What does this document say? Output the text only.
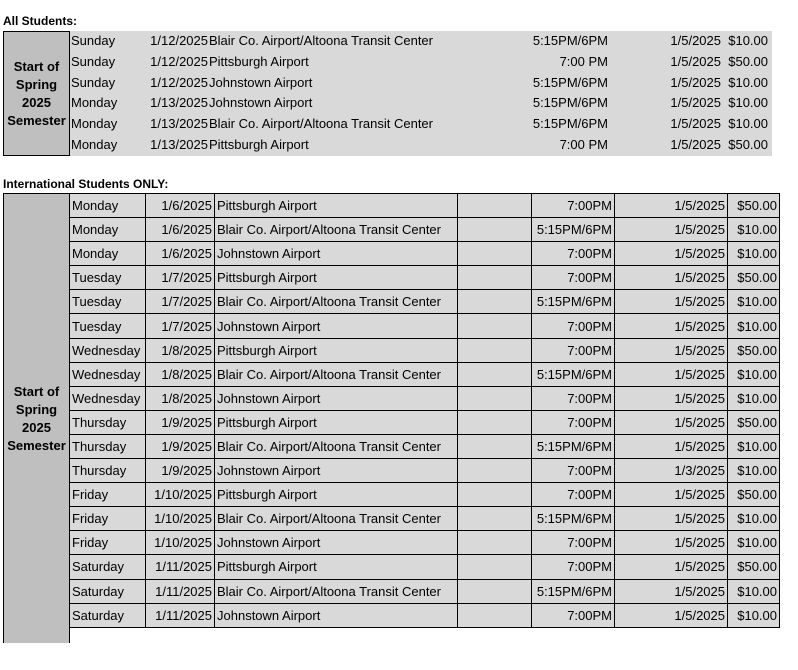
All Students:
Start of
Spring
2025
Semester
Sunday	1/12/2025 Blair Co. Airport/Altoona Transit Center	5:15PM/6PM	1/5/2025 $10.00
Sunday	1/12/2025 Pittsburgh Airport	7:00 PM	1/5/2025 $50.00
Sunday	1/12/2025 Johnstown Airport	5:15PM/6PM	1/5/2025 $10.00
Monday	1/13/2025 Johnstown Airport	5:15PM/6PM	1/5/2025 $10.00
Monday	1/13/2025 Blair Co. Airport/Altoona Transit Center	5:15PM/6PM	1/5/2025 $10.00
Monday	1/13/2025 Pittsburgh Airport	7:00 PM	1/5/2025 $50.00
International Students ONLY:
Start of
Spring
2025
Semester
Monday	1/6/2025	Pittsburgh Airport		7:00PM	1/5/2025	$50.00
Monday	1/6/2025	Blair Co. Airport/Altoona Transit Center		5:15PM/6PM	1/5/2025	$10.00
Monday	1/6/2025	Johnstown Airport		7:00PM	1/5/2025	$10.00
Tuesday	1/7/2025	Pittsburgh Airport		7:00PM	1/5/2025	$50.00
Tuesday	1/7/2025	Blair Co. Airport/Altoona Transit Center		5:15PM/6PM	1/5/2025	$10.00
Tuesday	1/7/2025	Johnstown Airport		7:00PM	1/5/2025	$10.00
Wednesday	1/8/2025	Pittsburgh Airport		7:00PM	1/5/2025	$50.00
Wednesday	1/8/2025	Blair Co. Airport/Altoona Transit Center		5:15PM/6PM	1/5/2025	$10.00
Wednesday	1/8/2025	Johnstown Airport		7:00PM	1/5/2025	$10.00
Thursday	1/9/2025	Pittsburgh Airport		7:00PM	1/5/2025	$50.00
Thursday	1/9/2025	Blair Co. Airport/Altoona Transit Center		5:15PM/6PM	1/5/2025	$10.00
Thursday	1/9/2025	Johnstown Airport		7:00PM	1/3/2025	$10.00
Friday	1/10/2025	Pittsburgh Airport		7:00PM	1/5/2025	$50.00
Friday	1/10/2025	Blair Co. Airport/Altoona Transit Center		5:15PM/6PM	1/5/2025	$10.00
Friday	1/10/2025	Johnstown Airport		7:00PM	1/5/2025	$10.00
Saturday	1/11/2025	Pittsburgh Airport		7:00PM	1/5/2025	$50.00
Saturday	1/11/2025	Blair Co. Airport/Altoona Transit Center		5:15PM/6PM	1/5/2025	$10.00
Saturday	1/11/2025	Johnstown Airport		7:00PM	1/5/2025	$10.00
